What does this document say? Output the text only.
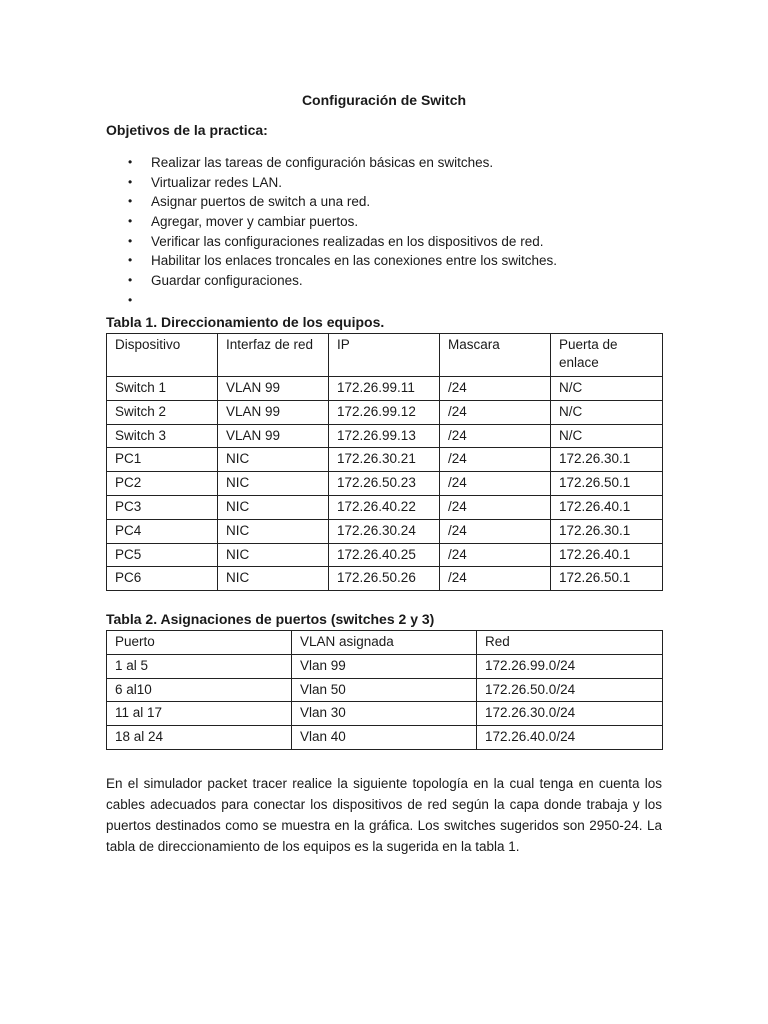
Configuración de Switch
Objetivos de la practica:
• Realizar las tareas de configuración básicas en switches.
• Virtualizar redes LAN.
• Asignar puertos de switch a una red.
• Agregar, mover y cambiar puertos.
• Verificar las configuraciones realizadas en los dispositivos de red.
• Habilitar los enlaces troncales en las conexiones entre los switches.
• Guardar configuraciones.
•
Tabla 1. Direccionamiento de los equipos.
Dispositivo	Interfaz de red	IP	Mascara	Puerta de enlace
Switch 1	VLAN 99	172.26.99.11	/24	N/C
Switch 2	VLAN 99	172.26.99.12	/24	N/C
Switch 3	VLAN 99	172.26.99.13	/24	N/C
PC1	NIC	172.26.30.21	/24	172.26.30.1
PC2	NIC	172.26.50.23	/24	172.26.50.1
PC3	NIC	172.26.40.22	/24	172.26.40.1
PC4	NIC	172.26.30.24	/24	172.26.30.1
PC5	NIC	172.26.40.25	/24	172.26.40.1
PC6	NIC	172.26.50.26	/24	172.26.50.1
Tabla 2. Asignaciones de puertos (switches 2 y 3)
Puerto	VLAN asignada	Red
1 al 5	Vlan 99	172.26.99.0/24
6 al10	Vlan 50	172.26.50.0/24
11 al 17	Vlan 30	172.26.30.0/24
18 al 24	Vlan 40	172.26.40.0/24
En el simulador packet tracer realice la siguiente topología en la cual tenga en cuenta los cables adecuados para conectar los dispositivos de red según la capa donde trabaja y los puertos destinados como se muestra en la gráfica. Los switches sugeridos son 2950-24. La tabla de direccionamiento de los equipos es la sugerida en la tabla 1.
